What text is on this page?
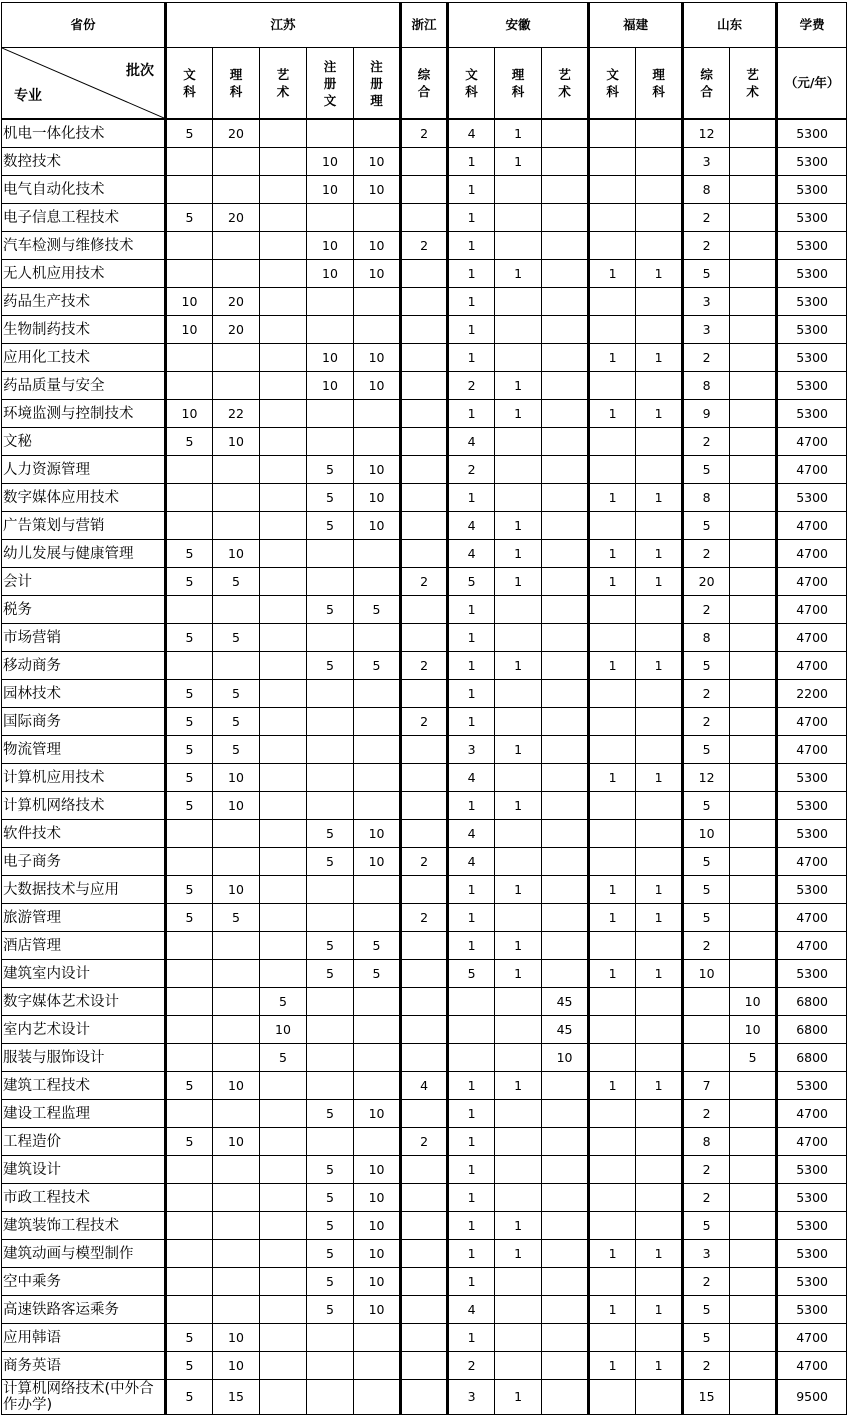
省份	江苏					浙江	安徽			福建		山东		学费

批次
专业	文科	理科	艺术	注册文	注册理	综合	文科	理科	艺术	文科	理科	综合	艺术	（元/年）
机电一体化技术	5	20				2	4	1				12		5300
数控技术				10	10		1	1				3		5300
电气自动化技术				10	10		1					8		5300
电子信息工程技术	5	20					1					2		5300
汽车检测与维修技术				10	10	2	1					2		5300
无人机应用技术				10	10		1	1		1	1	5		5300
药品生产技术	10	20					1					3		5300
生物制药技术	10	20					1					3		5300
应用化工技术				10	10		1			1	1	2		5300
药品质量与安全				10	10		2	1				8		5300
环境监测与控制技术	10	22					1	1		1	1	9		5300
文秘	5	10					4					2		4700
人力资源管理				5	10		2					5		4700
数字媒体应用技术				5	10		1			1	1	8		5300
广告策划与营销				5	10		4	1				5		4700
幼儿发展与健康管理	5	10					4	1		1	1	2		4700
会计	5	5				2	5	1		1	1	20		4700
税务				5	5		1					2		4700
市场营销	5	5					1					8		4700
移动商务				5	5	2	1	1		1	1	5		4700
园林技术	5	5					1					2		2200
国际商务	5	5				2	1					2		4700
物流管理	5	5					3	1				5		4700
计算机应用技术	5	10					4			1	1	12		5300
计算机网络技术	5	10					1	1				5		5300
软件技术				5	10		4					10		5300
电子商务				5	10	2	4					5		4700
大数据技术与应用	5	10					1	1		1	1	5		5300
旅游管理	5	5				2	1			1	1	5		4700
酒店管理				5	5		1	1				2		4700
建筑室内设计				5	5		5	1		1	1	10		5300
数字媒体艺术设计			5						45				10	6800
室内艺术设计			10						45				10	6800
服装与服饰设计			5						10				5	6800
建筑工程技术	5	10				4	1	1		1	1	7		5300
建设工程监理				5	10		1					2		4700
工程造价	5	10				2	1					8		4700
建筑设计				5	10		1					2		5300
市政工程技术				5	10		1					2		5300
建筑装饰工程技术				5	10		1	1				5		5300
建筑动画与模型制作				5	10		1	1		1	1	3		5300
空中乘务				5	10		1					2		5300
高速铁路客运乘务				5	10		4			1	1	5		5300
应用韩语	5	10					1					5		4700
商务英语	5	10					2			1	1	2		4700
计算机网络技术(中外合作办学)	5	15					3	1				15		9500
